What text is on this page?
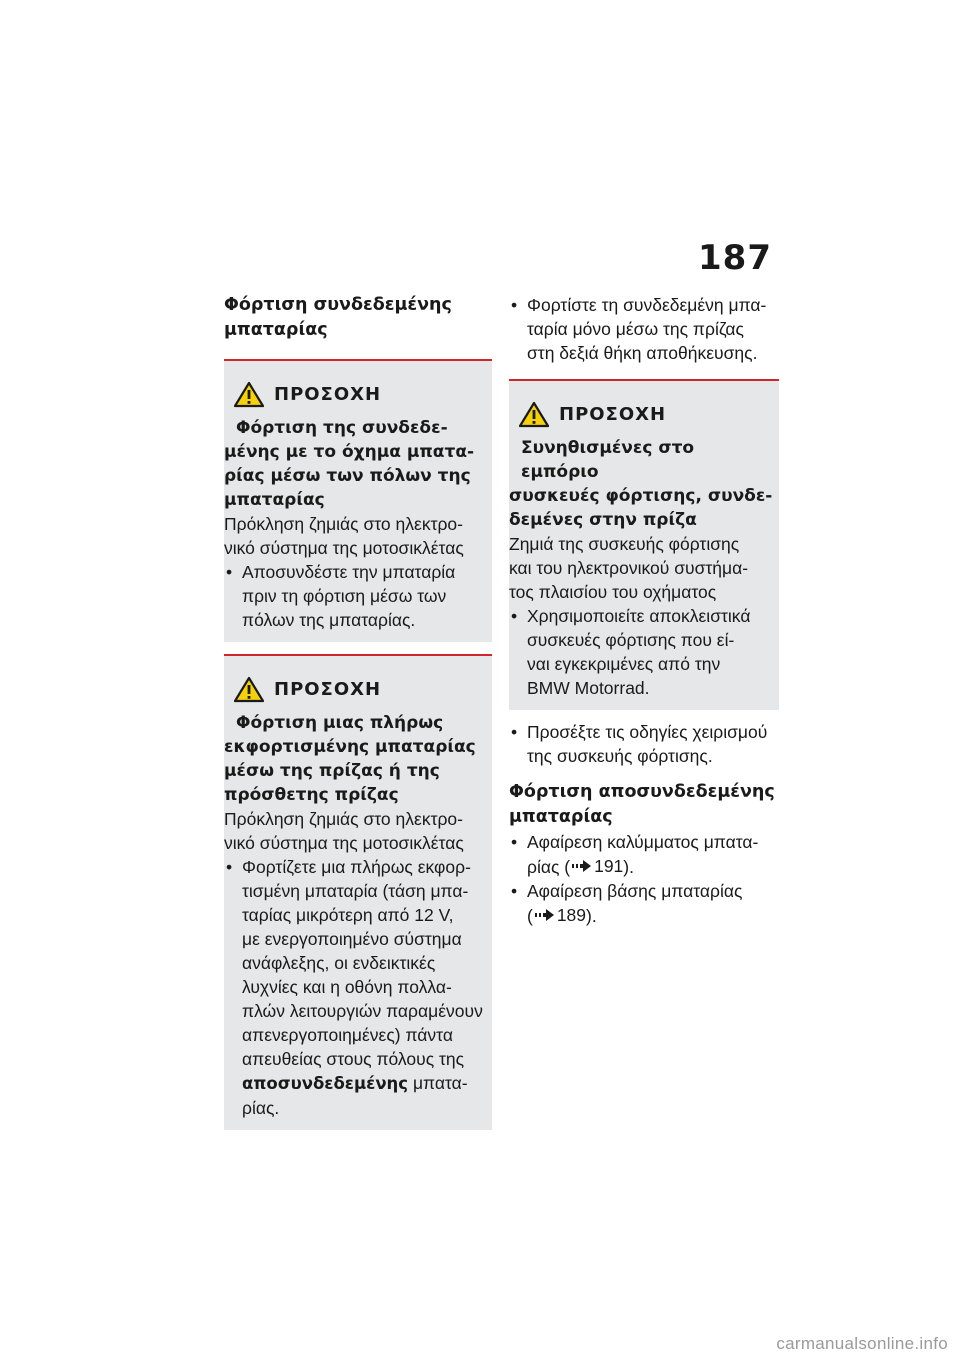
187
Φόρτιση συνδεδεμένης
μπαταρίας
ΠΡΟΣΟΧΗ
Φόρτιση της συνδεδε-
μένης με το όχημα μπατα-
ρίας μέσω των πόλων της
μπαταρίας
Πρόκληση ζημιάς στο ηλεκτρο-
νικό σύστημα της μοτοσικλέτας
• Αποσυνδέστε την μπαταρία
πριν τη φόρτιση μέσω των
πόλων της μπαταρίας.
ΠΡΟΣΟΧΗ
Φόρτιση μιας πλήρως
εκφορτισμένης μπαταρίας
μέσω της πρίζας ή της
πρόσθετης πρίζας
Πρόκληση ζημιάς στο ηλεκτρο-
νικό σύστημα της μοτοσικλέτας
• Φορτίζετε μια πλήρως εκφορ-
τισμένη μπαταρία (τάση μπα-
ταρίας μικρότερη από 12 V,
με ενεργοποιημένο σύστημα
ανάφλεξης, οι ενδεικτικές
λυχνίες και η οθόνη πολλα-
πλών λειτουργιών παραμένουν
απενεργοποιημένες) πάντα
απευθείας στους πόλους της
αποσυνδεδεμένης μπατα-
ρίας.
• Φορτίστε τη συνδεδεμένη μπα-
ταρία μόνο μέσω της πρίζας
στη δεξιά θήκη αποθήκευσης.
ΠΡΟΣΟΧΗ
Συνηθισμένες στο εμπόριο
συσκευές φόρτισης, συνδε-
δεμένες στην πρίζα
Ζημιά της συσκευής φόρτισης
και του ηλεκτρονικού συστήμα-
τος πλαισίου του οχήματος
• Χρησιμοποιείτε αποκλειστικά
συσκευές φόρτισης που εί-
ναι εγκεκριμένες από την
BMW Motorrad.
• Προσέξτε τις οδηγίες χειρισμού
της συσκευής φόρτισης.
Φόρτιση αποσυνδεδεμένης
μπαταρίας
• Αφαίρεση καλύμματος μπατα-
ρίας ( 191 ).
• Αφαίρεση βάσης μπαταρίας
( 189 ).
carmanualsonline.info
